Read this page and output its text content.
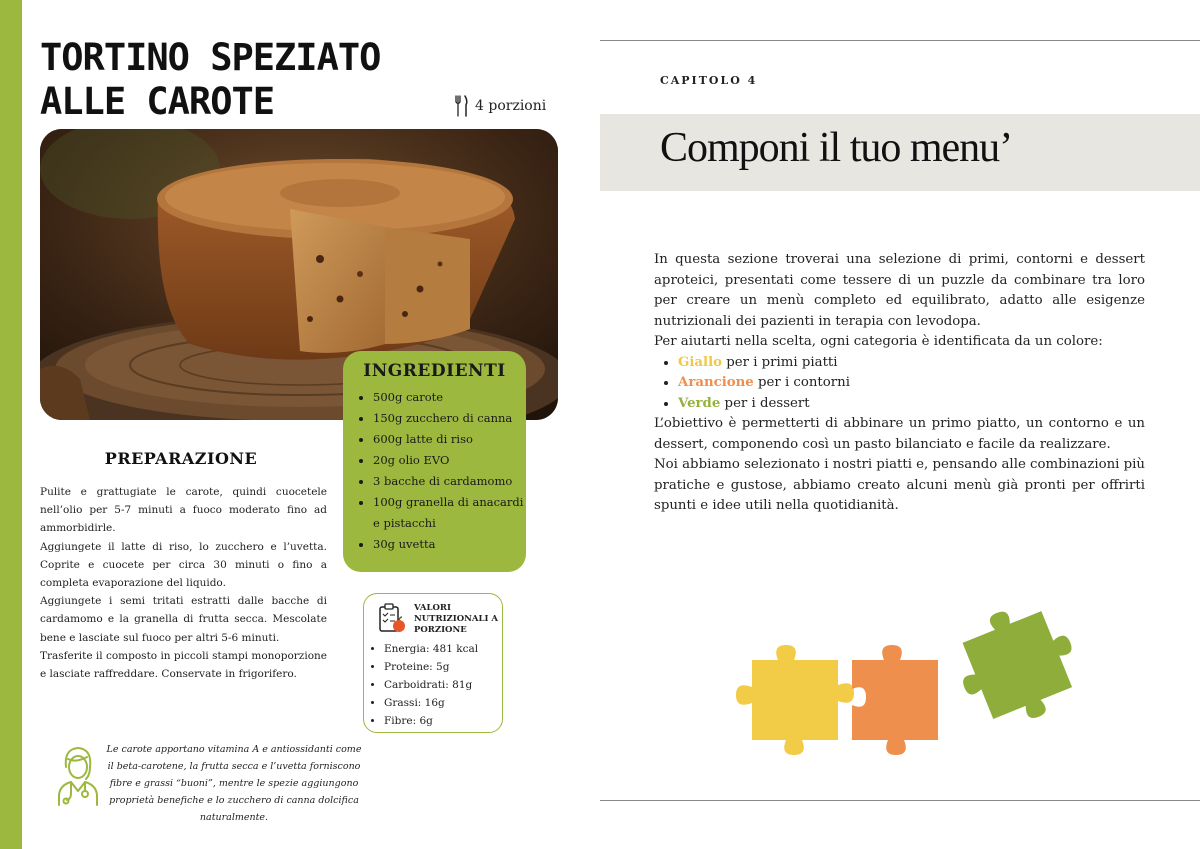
TORTINO SPEZIATO ALLE CAROTE	4 porzioni
INGREDIENTI
• 500g carote
• 150g zucchero di canna
• 600g latte di riso
• 20g olio EVO
• 3 bacche di cardamomo
• 100g granella di anacardi e pistacchi
• 30g uvetta
PREPARAZIONE

Pulite e grattugiate le carote, quindi cuocetele nell’olio per 5-7 minuti a fuoco moderato fino ad ammorbidirle.

Aggiungete il latte di riso, lo zucchero e l’uvetta. Coprite e cuocete per circa 30 minuti o fino a completa evaporazione del liquido.

Aggiungete i semi tritati estratti dalle bacche di cardamomo e la granella di frutta secca. Mescolate bene e lasciate sul fuoco per altri 5-6 minuti.

Trasferite il composto in piccoli stampi monoporzione e lasciate raffreddare. Conservate in frigorifero.

VALORI NUTRIZIONALI A PORZIONE
• Energia: 481 kcal
• Proteine: 5g
• Carboidrati: 81g
• Grassi: 16g
• Fibre: 6g

Le carote apportano vitamina A e antiossidanti come il beta-carotene, la frutta secca e l’uvetta forniscono fibre e grassi “buoni”, mentre le spezie aggiungono proprietà benefiche e lo zucchero di canna dolcifica naturalmente.

CAPITOLO 4
Componi il tuo menu’

In questa sezione troverai una selezione di primi, contorni e dessert aproteici, presentati come tessere di un puzzle da combinare tra loro per creare un menù completo ed equilibrato, adatto alle esigenze nutrizionali dei pazienti in terapia con levodopa.

Per aiutarti nella scelta, ogni categoria è identificata da un colore:

• Giallo per i primi piatti
• Arancione per i contorni
• Verde per i dessert

L’obiettivo è permetterti di abbinare un primo piatto, un contorno e un dessert, componendo così un pasto bilanciato e facile da realizzare.

Noi abbiamo selezionato i nostri piatti e, pensando alle combinazioni più pratiche e gustose, abbiamo creato alcuni menù già pronti per offrirti spunti e idee utili nella quotidianità.
